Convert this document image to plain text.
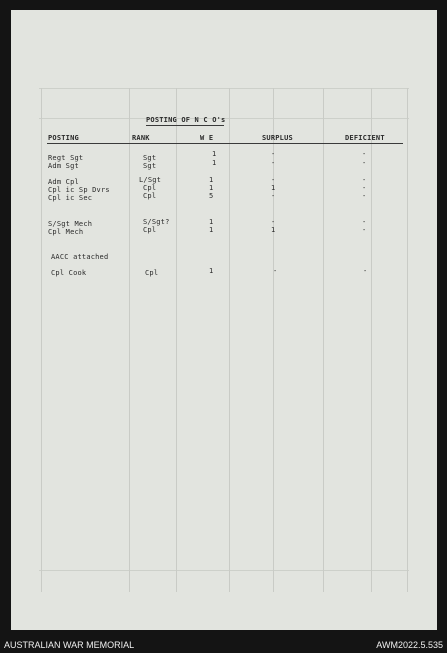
POSTING OF N C O's
POSTING	RANK	W E	SURPLUS	DEFICIENT
Regt Sgt	Sgt	1	-	-
Adm Sgt	Sgt	1	-	-
Adm Cpl	L/Sgt	1	-	-
Cpl ic Sp Dvrs	Cpl	1	1	-
Cpl ic Sec	Cpl	5	-	-
S/Sgt Mech	S/Sgt?	1	-	-
Cpl Mech	Cpl	1	1	-
AACC attached
Cpl Cook	Cpl	1	-	-
AUSTRALIAN WAR MEMORIAL	AWM2022.5.535
